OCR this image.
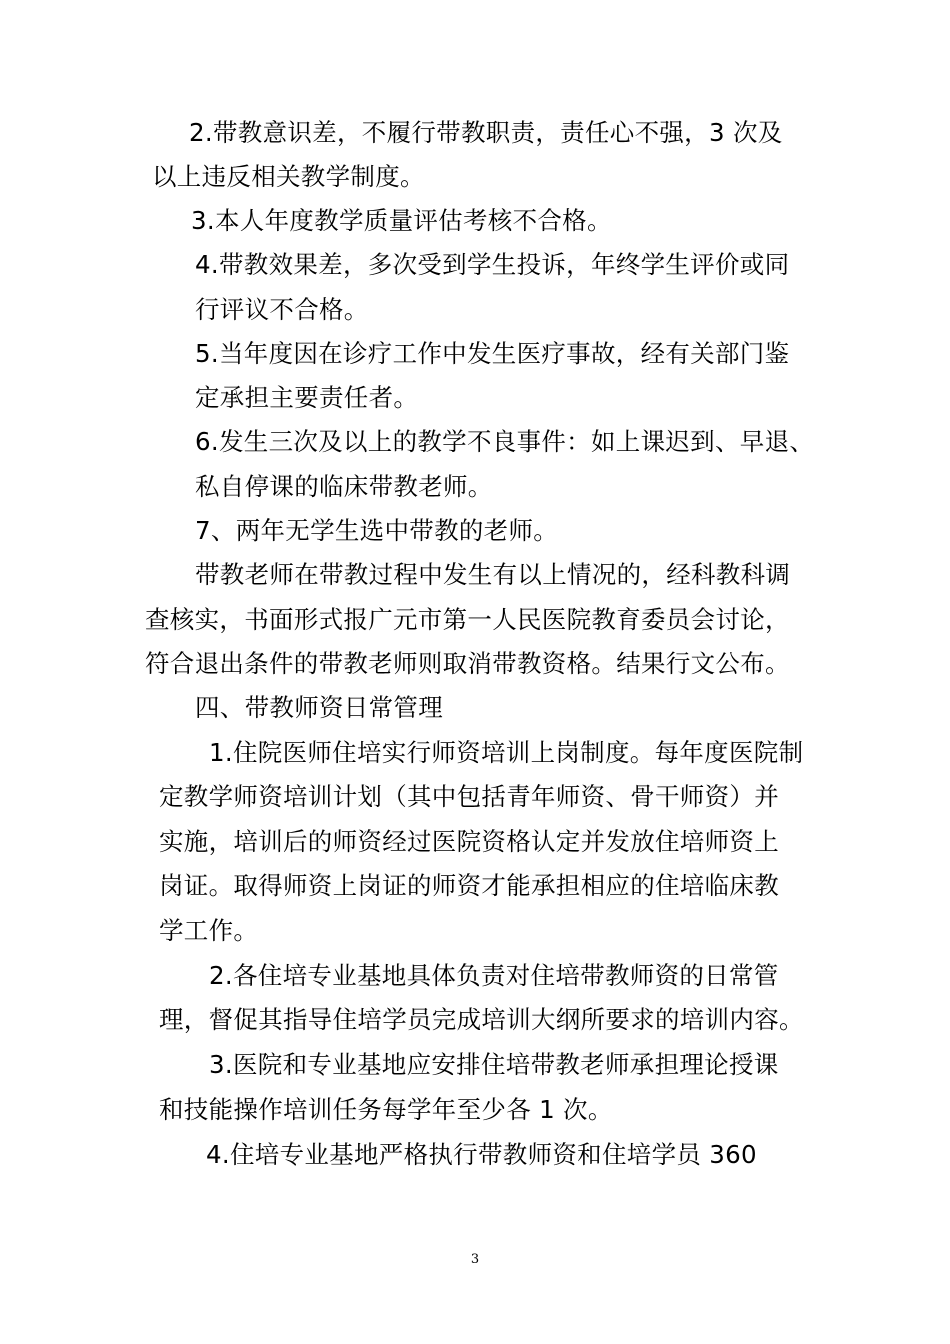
2.带教意识差，不履行带教职责，责任心不强，3 次及
以上违反相关教学制度。
3.本人年度教学质量评估考核不合格。
4.带教效果差，多次受到学生投诉，年终学生评价或同
行评议不合格。
5.当年度因在诊疗工作中发生医疗事故，经有关部门鉴
定承担主要责任者。
6.发生三次及以上的教学不良事件：如上课迟到、早退、
私自停课的临床带教老师。
7、两年无学生选中带教的老师。
带教老师在带教过程中发生有以上情况的，经科教科调
查核实，书面形式报广元市第一人民医院教育委员会讨论，
符合退出条件的带教老师则取消带教资格。结果行文公布。
四、带教师资日常管理
1.住院医师住培实行师资培训上岗制度。每年度医院制
定教学师资培训计划（其中包括青年师资、骨干师资）并
实施，培训后的师资经过医院资格认定并发放住培师资上
岗证。取得师资上岗证的师资才能承担相应的住培临床教
学工作。
2.各住培专业基地具体负责对住培带教师资的日常管
理，督促其指导住培学员完成培训大纲所要求的培训内容。
3.医院和专业基地应安排住培带教老师承担理论授课
和技能操作培训任务每学年至少各 1 次。
4.住培专业基地严格执行带教师资和住培学员 360
3
